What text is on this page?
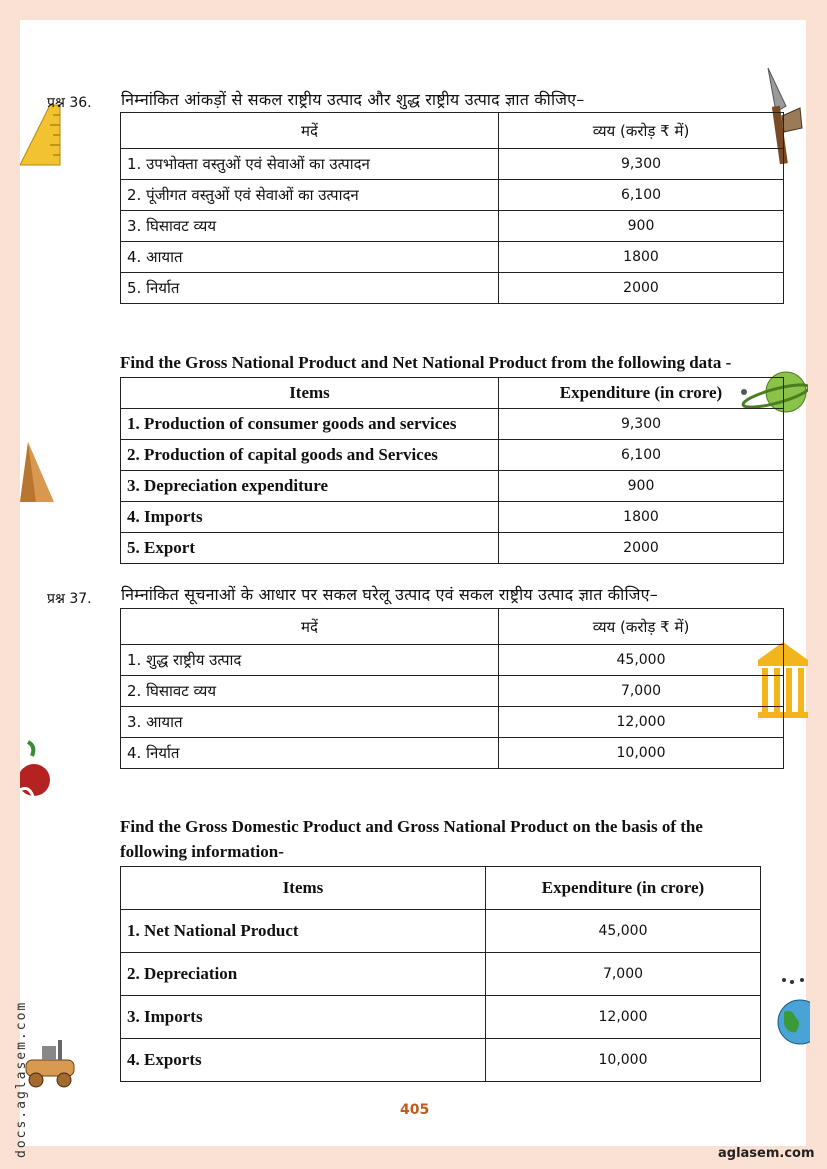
प्रश्न 36. निम्नांकित आंकड़ों से सकल राष्ट्रीय उत्पाद और शुद्ध राष्ट्रीय उत्पाद ज्ञात कीजिए–
मदें	व्यय (करोड़ ₹ में)
1. उपभोक्ता वस्तुओं एवं सेवाओं का उत्पादन	9,300
2. पूंजीगत वस्तुओं एवं सेवाओं का उत्पादन	6,100
3. घिसावट व्यय	900
4. आयात	1800
5. निर्यात	2000
Find the Gross National Product and Net National Product from the following data -
Items	Expenditure (in crore)
1. Production of consumer goods and services	9,300
2. Production of capital goods and Services	6,100
3. Depreciation expenditure	900
4. Imports	1800
5. Export	2000
प्रश्न 37. निम्नांकित सूचनाओं के आधार पर सकल घरेलू उत्पाद एवं सकल राष्ट्रीय उत्पाद ज्ञात कीजिए–
मदें	व्यय (करोड़ ₹ में)
1. शुद्ध राष्ट्रीय उत्पाद	45,000
2. घिसावट व्यय	7,000
3. आयात	12,000
4. निर्यात	10,000
Find the Gross Domestic Product and Gross National Product on the basis of the
following information-
Items	Expenditure (in crore)
1. Net National Product	45,000
2. Depreciation	7,000
3. Imports	12,000
4. Exports	10,000
405
aglasem.com
docs.aglasem.com
